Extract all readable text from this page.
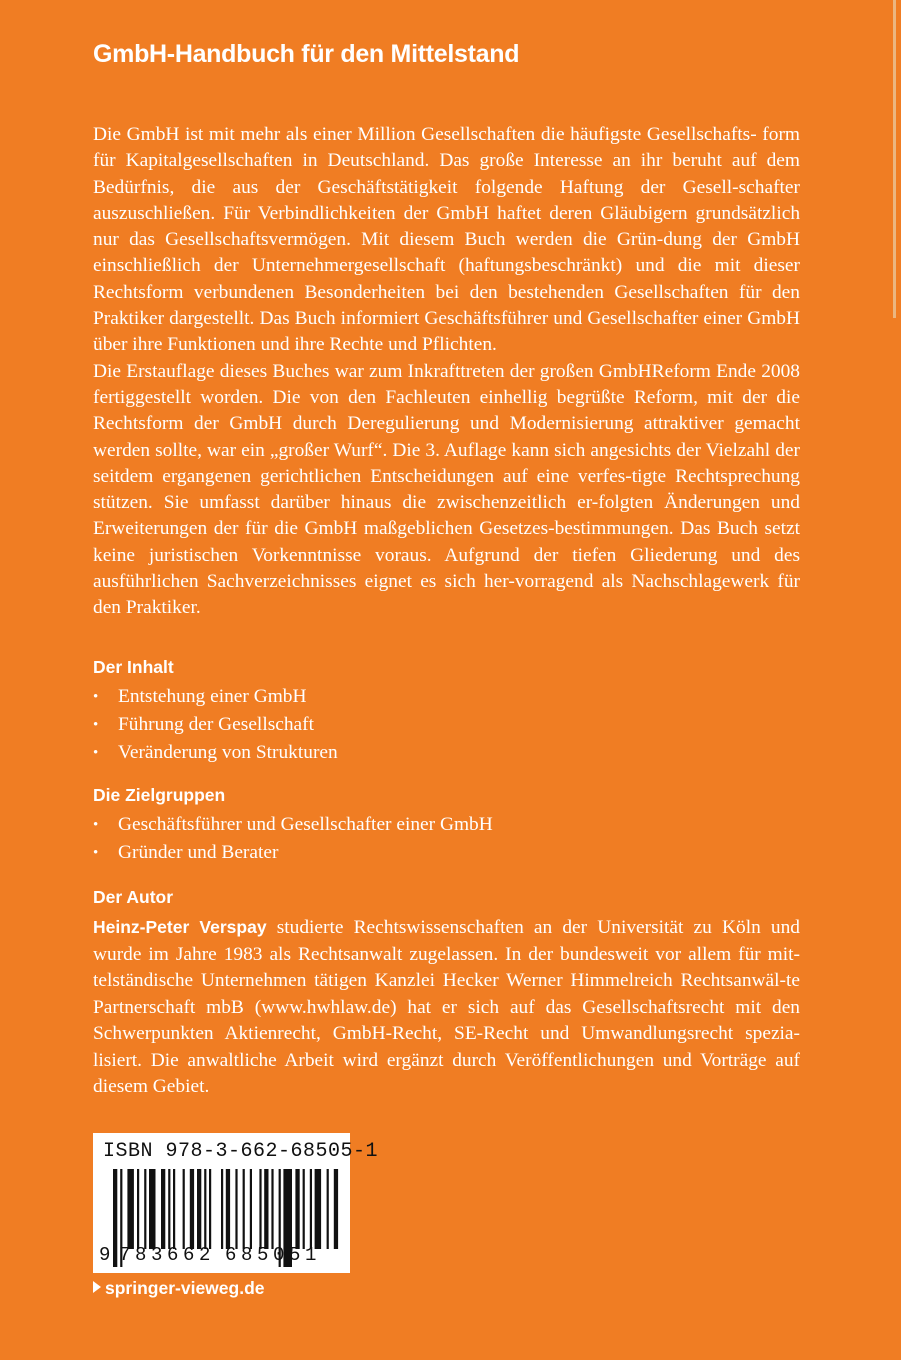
GmbH-Handbuch für den Mittelstand

Die GmbH ist mit mehr als einer Million Gesellschaften die häufigste Gesellschafts- form für Kapitalgesellschaften in Deutschland. Das große Interesse an ihr beruht auf dem Bedürfnis, die aus der Geschäftstätigkeit folgende Haftung der Gesell-schafter auszuschließen. Für Verbindlichkeiten der GmbH haftet deren Gläubigern grundsätzlich nur das Gesellschaftsvermögen. Mit diesem Buch werden die Grün-dung der GmbH einschließlich der Unternehmergesellschaft (haftungsbeschränkt) und die mit dieser Rechtsform verbundenen Besonderheiten bei den bestehenden Gesellschaften für den Praktiker dargestellt. Das Buch informiert Geschäftsführer und Gesellschafter einer GmbH über ihre Funktionen und ihre Rechte und Pflichten.

Die Erstauflage dieses Buches war zum Inkrafttreten der großen GmbHReform Ende 2008 fertiggestellt worden. Die von den Fachleuten einhellig begrüßte Reform, mit der die Rechtsform der GmbH durch Deregulierung und Modernisierung attraktiver gemacht werden sollte, war ein „großer Wurf“. Die 3. Auflage kann sich angesichts der Vielzahl der seitdem ergangenen gerichtlichen Entscheidungen auf eine verfes-tigte Rechtsprechung stützen. Sie umfasst darüber hinaus die zwischenzeitlich er-folgten Änderungen und Erweiterungen der für die GmbH maßgeblichen Gesetzes-bestimmungen. Das Buch setzt keine juristischen Vorkenntnisse voraus. Aufgrund der tiefen Gliederung und des ausführlichen Sachverzeichnisses eignet es sich her-vorragend als Nachschlagewerk für den Praktiker.

Der Inhalt
• Entstehung einer GmbH
• Führung der Gesellschaft
• Veränderung von Strukturen
Die Zielgruppen
• Geschäftsführer und Gesellschafter einer GmbH
• Gründer und Berater
Der Autor
Heinz-Peter Verspay studierte Rechtswissenschaften an der Universität zu Köln und wurde im Jahre 1983 als Rechtsanwalt zugelassen. In der bundesweit vor allem für mit-telständische Unternehmen tätigen Kanzlei Hecker Werner Himmelreich Rechtsanwäl-te Partnerschaft mbB (www.hwhlaw.de) hat er sich auf das Gesellschaftsrecht mit den Schwerpunkten Aktienrecht, GmbH-Recht, SE-Recht und Umwandlungsrecht spezia-lisiert. Die anwaltliche Arbeit wird ergänzt durch Veröffentlichungen und Vorträge auf diesem Gebiet.
ISBN 978-3-662-68505-1
9 7 8 3 6 6 2 6 8 5 0 5 1
springer-vieweg.de
